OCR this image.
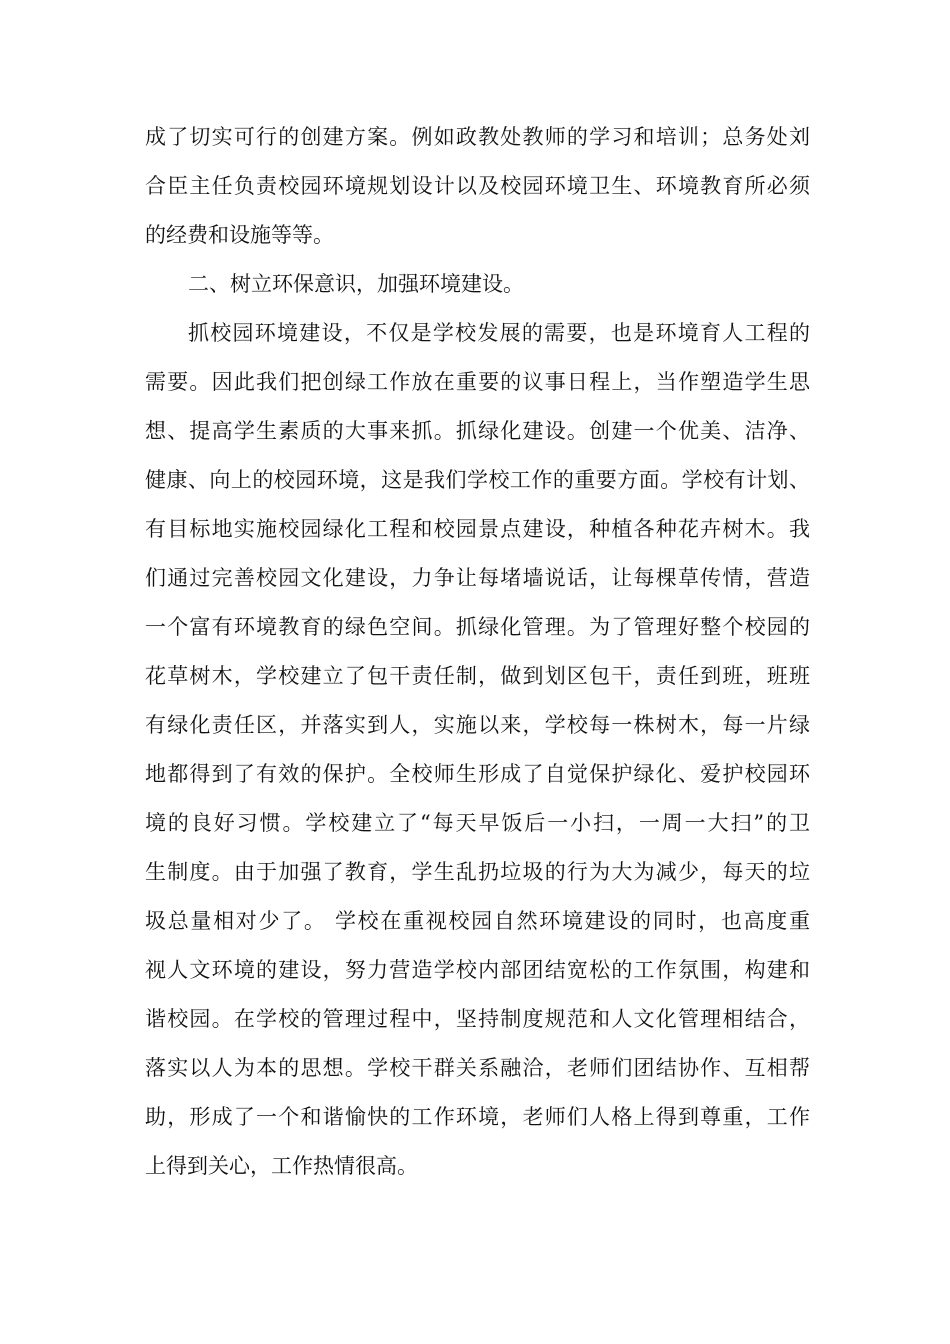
成了切实可行的创建方案。例如政教处教师的学习和培训；总务处刘
合臣主任负责校园环境规划设计以及校园环境卫生、环境教育所必须
的经费和设施等等。
二、树立环保意识，加强环境建设。
抓校园环境建设，不仅是学校发展的需要，也是环境育人工程的
需要。因此我们把创绿工作放在重要的议事日程上，当作塑造学生思
想、提高学生素质的大事来抓。抓绿化建设。创建一个优美、洁净、
健康、向上的校园环境，这是我们学校工作的重要方面。学校有计划、
有目标地实施校园绿化工程和校园景点建设，种植各种花卉树木。我
们通过完善校园文化建设，力争让每堵墙说话，让每棵草传情，营造
一个富有环境教育的绿色空间。抓绿化管理。为了管理好整个校园的
花草树木，学校建立了包干责任制，做到划区包干，责任到班，班班
有绿化责任区，并落实到人，实施以来，学校每一株树木，每一片绿
地都得到了有效的保护。全校师生形成了自觉保护绿化、爱护校园环
境的良好习惯。学校建立了“每天早饭后一小扫，一周一大扫”的卫
生制度。由于加强了教育，学生乱扔垃圾的行为大为减少，每天的垃
圾总量相对少了。 学校在重视校园自然环境建设的同时，也高度重
视人文环境的建设，努力营造学校内部团结宽松的工作氛围，构建和
谐校园。在学校的管理过程中，坚持制度规范和人文化管理相结合，
落实以人为本的思想。学校干群关系融洽，老师们团结协作、互相帮
助，形成了一个和谐愉快的工作环境，老师们人格上得到尊重，工作
上得到关心，工作热情很高。
